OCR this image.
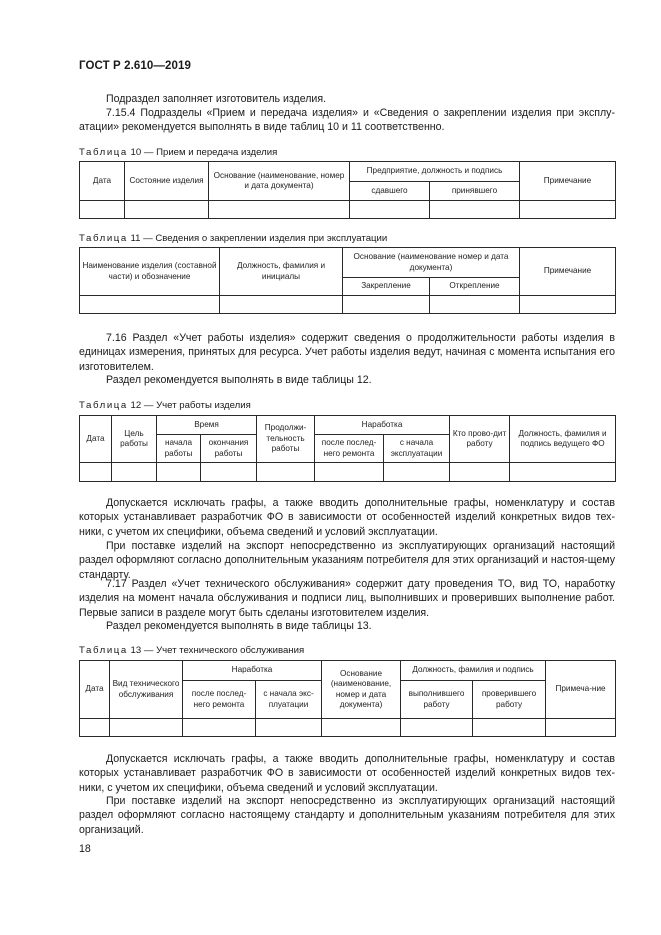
ГОСТ Р 2.610—2019
Подраздел заполняет изготовитель изделия.
7.15.4 Подразделы «Прием и передача изделия» и «Сведения о закреплении изделия при эксплу-атации» рекомендуется выполнять в виде таблиц 10 и 11 соответственно.
Таблица 10 — Прием и передача изделия
Дата	Состояние изделия	Основание (наименование, номер и дата документа)	Предприятие, должность и подпись		Примечание
			сдавшего	принявшего	

Таблица 11 — Сведения о закреплении изделия при эксплуатации
Наименование изделия (составной части) и обозначение	Должность, фамилия и инициалы	Основание (наименование номер и дата документа)		Примечание
		Закрепление	Открепление	

7.16 Раздел «Учет работы изделия» содержит сведения о продолжительности работы изделия в единицах измерения, принятых для ресурса. Учет работы изделия ведут, начиная с момента испытания его изготовителем.
Раздел рекомендуется выполнять в виде таблицы 12.
Таблица 12 — Учет работы изделия
Дата	Цель работы	Время		Продолжи-тельность работы	Наработка		Кто прово-дит работу	Должность, фамилия и подпись ведущего ФО
		начала работы	окончания работы		после послед-него ремонта	с начала эксплуатации		

Допускается исключать графы, а также вводить дополнительные графы, номенклатуру и состав которых устанавливает разработчик ФО в зависимости от особенностей изделий конкретных видов тех-ники, с учетом их специфики, объема сведений и условий эксплуатации.
При поставке изделий на экспорт непосредственно из эксплуатирующих организаций настоящий раздел оформляют согласно дополнительным указаниям потребителя для этих организаций и настоя-щему стандарту.
7.17 Раздел «Учет технического обслуживания» содержит дату проведения ТО, вид ТО, наработку изделия на момент начала обслуживания и подписи лиц, выполнивших и проверивших выполнение работ. Первые записи в разделе могут быть сделаны изготовителем изделия.
Раздел рекомендуется выполнять в виде таблицы 13.
Таблица 13 — Учет технического обслуживания
Дата	Вид технического обслуживания	Наработка		Основание (наименование, номер и дата документа)	Должность, фамилия и подпись		Примеча-ние
		после послед-него ремонта	с начала экс-плуатации		выполнившего работу	проверившего работу	

Допускается исключать графы, а также вводить дополнительные графы, номенклатуру и состав которых устанавливает разработчик ФО в зависимости от особенностей изделий конкретных видов тех-ники, с учетом их специфики, объема сведений и условий эксплуатации.
При поставке изделий на экспорт непосредственно из эксплуатирующих организаций настоящий раздел оформляют согласно настоящему стандарту и дополнительным указаниям потребителя для этих организаций.
18
